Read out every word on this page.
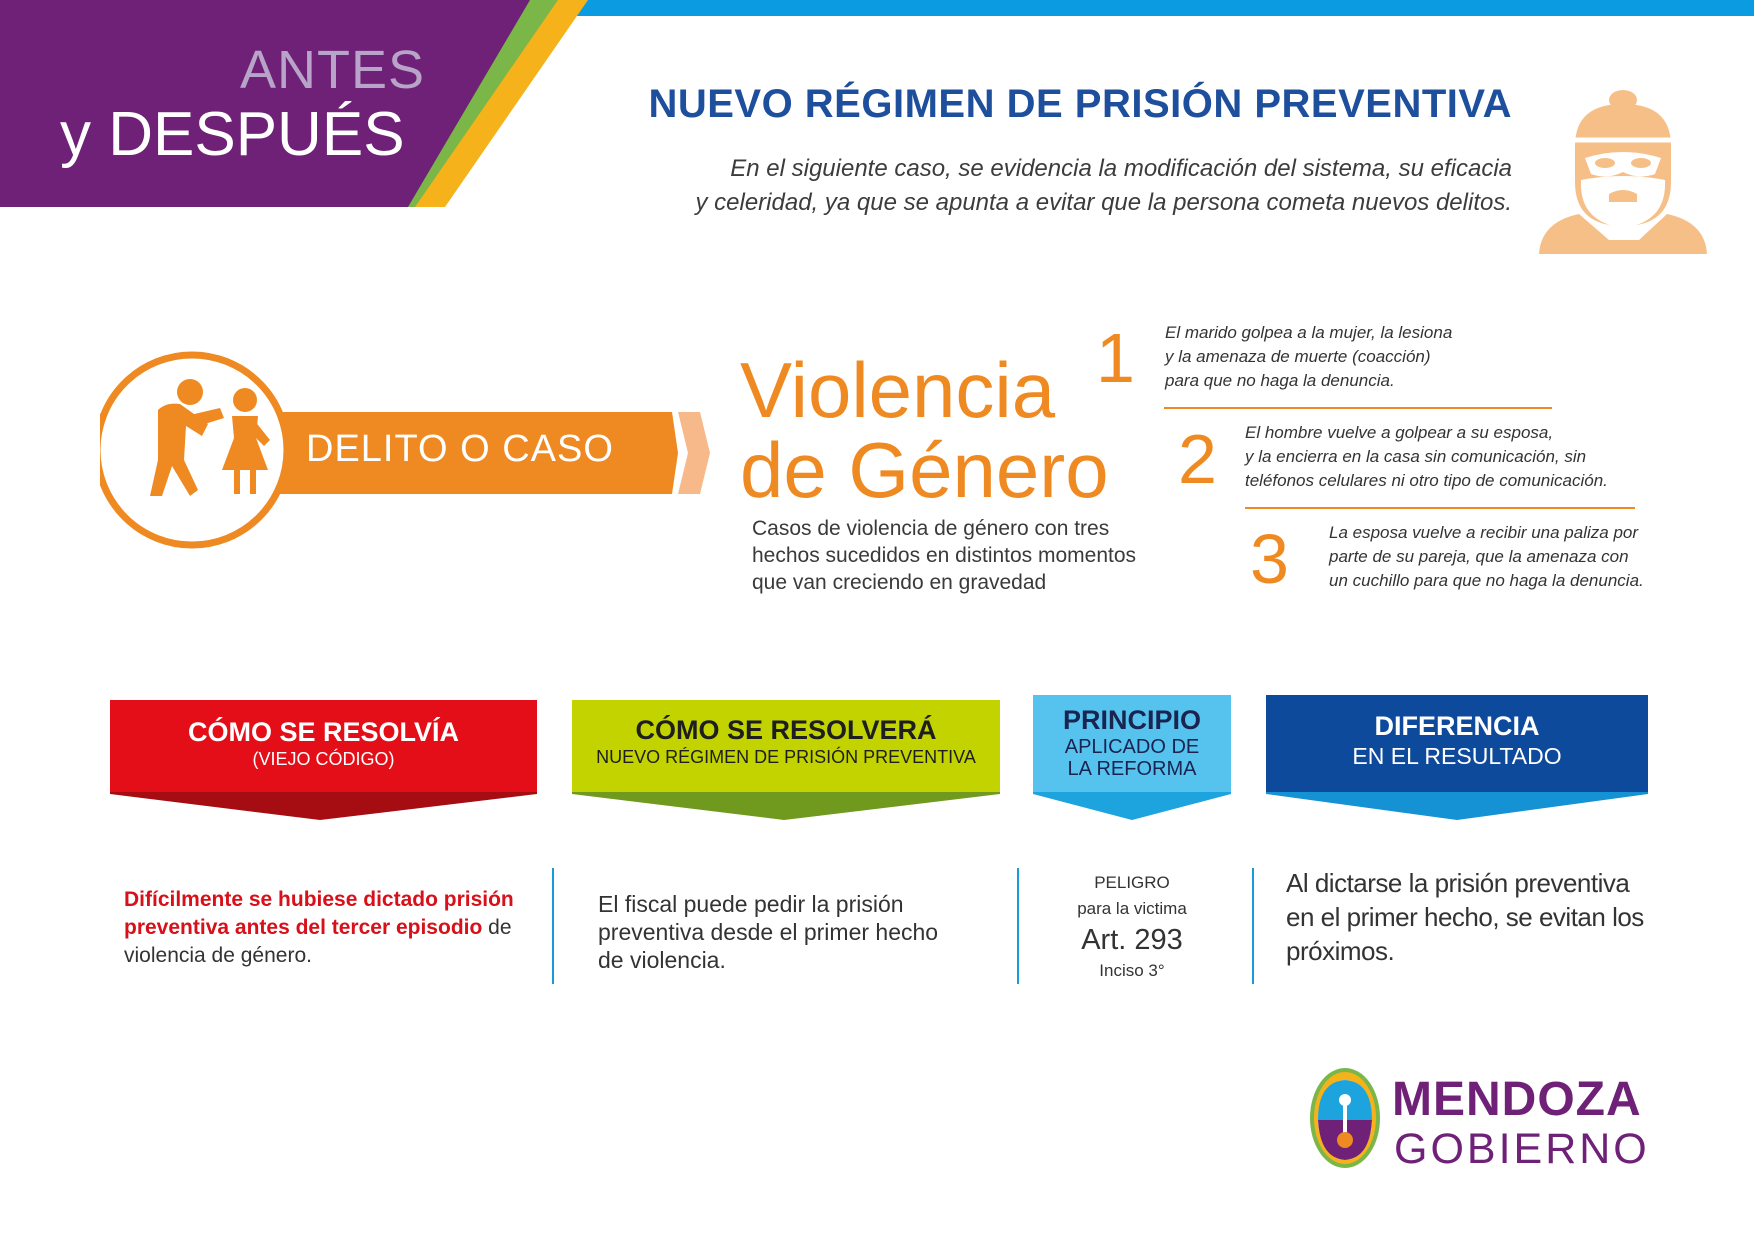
ANTES
y DESPUÉS	NUEVO RÉGIMEN DE PRISIÓN PREVENTIVA
En el siguiente caso, se evidencia la modificación del sistema, su eficacia
y celeridad, ya que se apunta a evitar que la persona cometa nuevos delitos.
DELITO O CASO
Violencia
de Género
Casos de violencia de género con tres
hechos sucedidos en distintos momentos
que van creciendo en gravedad
1 El marido golpea a la mujer, la lesiona
y la amenaza de muerte (coacción)
para que no haga la denuncia.
2 El hombre vuelve a golpear a su esposa,
y la encierra en la casa sin comunicación, sin
teléfonos celulares ni otro tipo de comunicación.
3 La esposa vuelve a recibir una paliza por
parte de su pareja, que la amenaza con
un cuchillo para que no haga la denuncia.
CÓMO SE RESOLVÍA
(VIEJO CÓDIGO)
CÓMO SE RESOLVERÁ
NUEVO RÉGIMEN DE PRISIÓN PREVENTIVA
PRINCIPIO
APLICADO DE
LA REFORMA
DIFERENCIA
EN EL RESULTADO
Difícilmente se hubiese dictado prisión
preventiva antes del tercer episodio de
violencia de género.
El fiscal puede pedir la prisión
preventiva desde el primer hecho
de violencia.
PELIGRO
para la victima
Art. 293
Inciso 3°
Al dictarse la prisión preventiva
en el primer hecho, se evitan los
próximos.
MENDOZA
GOBIERNO
